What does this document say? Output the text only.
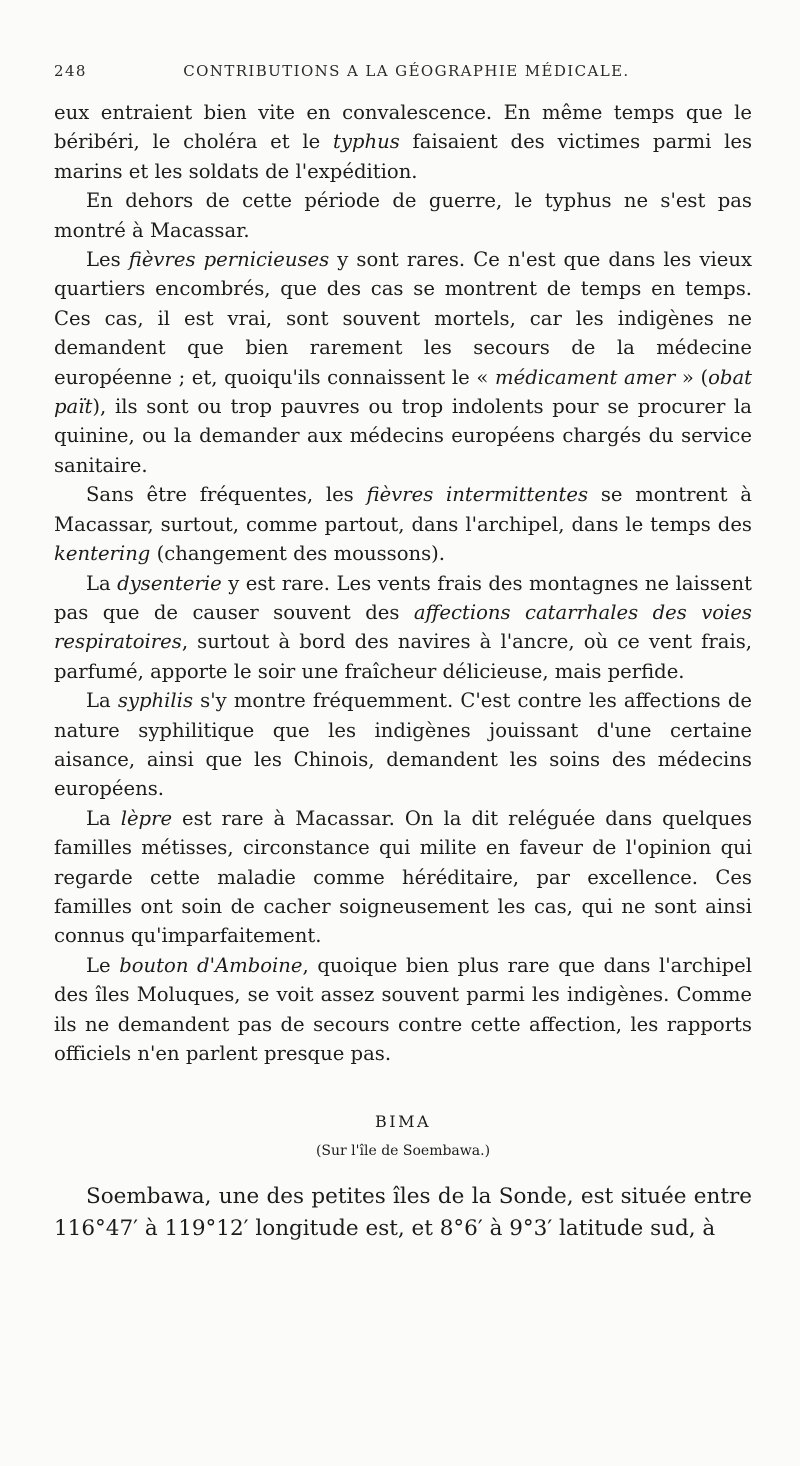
248	CONTRIBUTIONS A LA GÉOGRAPHIE MÉDICALE.

eux entraient bien vite en convalescence. En même temps que le béribéri, le choléra et le typhus faisaient des victimes parmi les marins et les soldats de l'expédition.

En dehors de cette période de guerre, le typhus ne s'est pas montré à Macassar.

Les fièvres pernicieuses y sont rares. Ce n'est que dans les vieux quartiers encombrés, que des cas se montrent de temps en temps. Ces cas, il est vrai, sont souvent mortels, car les indigènes ne demandent que bien rarement les secours de la médecine européenne ; et, quoiqu'ils connaissent le « médicament amer » (obat paït), ils sont ou trop pauvres ou trop indolents pour se procurer la quinine, ou la demander aux médecins européens chargés du service sanitaire.

Sans être fréquentes, les fièvres intermittentes se montrent à Macassar, surtout, comme partout, dans l'archipel, dans le temps des kentering (changement des moussons).

La dysenterie y est rare. Les vents frais des montagnes ne laissent pas que de causer souvent des affections catarrhales des voies respiratoires, surtout à bord des navires à l'ancre, où ce vent frais, parfumé, apporte le soir une fraîcheur délicieuse, mais perfide.

La syphilis s'y montre fréquemment. C'est contre les affections de nature syphilitique que les indigènes jouissant d'une certaine aisance, ainsi que les Chinois, demandent les soins des médecins européens.

La lèpre est rare à Macassar. On la dit reléguée dans quelques familles métisses, circonstance qui milite en faveur de l'opinion qui regarde cette maladie comme héréditaire, par excellence. Ces familles ont soin de cacher soigneusement les cas, qui ne sont ainsi connus qu'imparfaitement.

Le bouton d'Amboine, quoique bien plus rare que dans l'archipel des îles Moluques, se voit assez souvent parmi les indigènes. Comme ils ne demandent pas de secours contre cette affection, les rapports officiels n'en parlent presque pas.

BIMA
(Sur l'île de Soembawa.)

Soembawa, une des petites îles de la Sonde, est située entre 116°47′ à 119°12′ longitude est, et 8°6′ à 9°3′ latitude sud, à
